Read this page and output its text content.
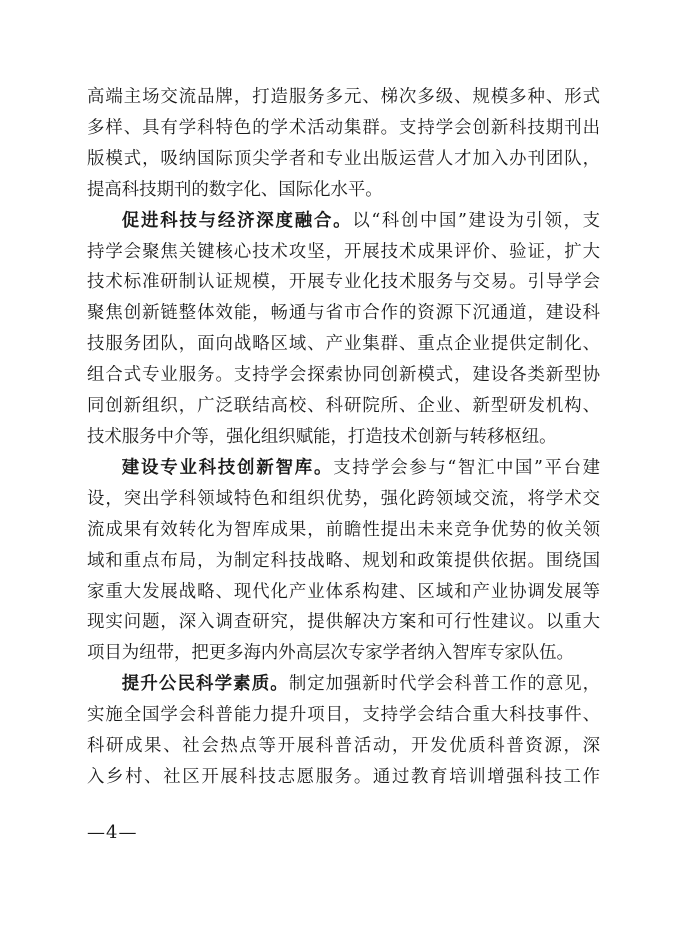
高端主场交流品牌，打造服务多元、梯次多级、规模多种、形式
多样、具有学科特色的学术活动集群。支持学会创新科技期刊出
版模式，吸纳国际顶尖学者和专业出版运营人才加入办刊团队，
提高科技期刊的数字化、国际化水平。

促进科技与经济深度融合。以“科创中国”建设为引领，支
持学会聚焦关键核心技术攻坚，开展技术成果评价、验证，扩大
技术标准研制认证规模，开展专业化技术服务与交易。引导学会
聚焦创新链整体效能，畅通与省市合作的资源下沉通道，建设科
技服务团队，面向战略区域、产业集群、重点企业提供定制化、
组合式专业服务。支持学会探索协同创新模式，建设各类新型协
同创新组织，广泛联结高校、科研院所、企业、新型研发机构、
技术服务中介等，强化组织赋能，打造技术创新与转移枢纽。

建设专业科技创新智库。支持学会参与“智汇中国”平台建
设，突出学科领域特色和组织优势，强化跨领域交流，将学术交
流成果有效转化为智库成果，前瞻性提出未来竞争优势的攸关领
域和重点布局，为制定科技战略、规划和政策提供依据。围绕国
家重大发展战略、现代化产业体系构建、区域和产业协调发展等
现实问题，深入调查研究，提供解决方案和可行性建议。以重大
项目为纽带，把更多海内外高层次专家学者纳入智库专家队伍。

提升公民科学素质。制定加强新时代学会科普工作的意见，
实施全国学会科普能力提升项目，支持学会结合重大科技事件、
科研成果、社会热点等开展科普活动，开发优质科普资源，深
入乡村、社区开展科技志愿服务。通过教育培训增强科技工作

—4—
